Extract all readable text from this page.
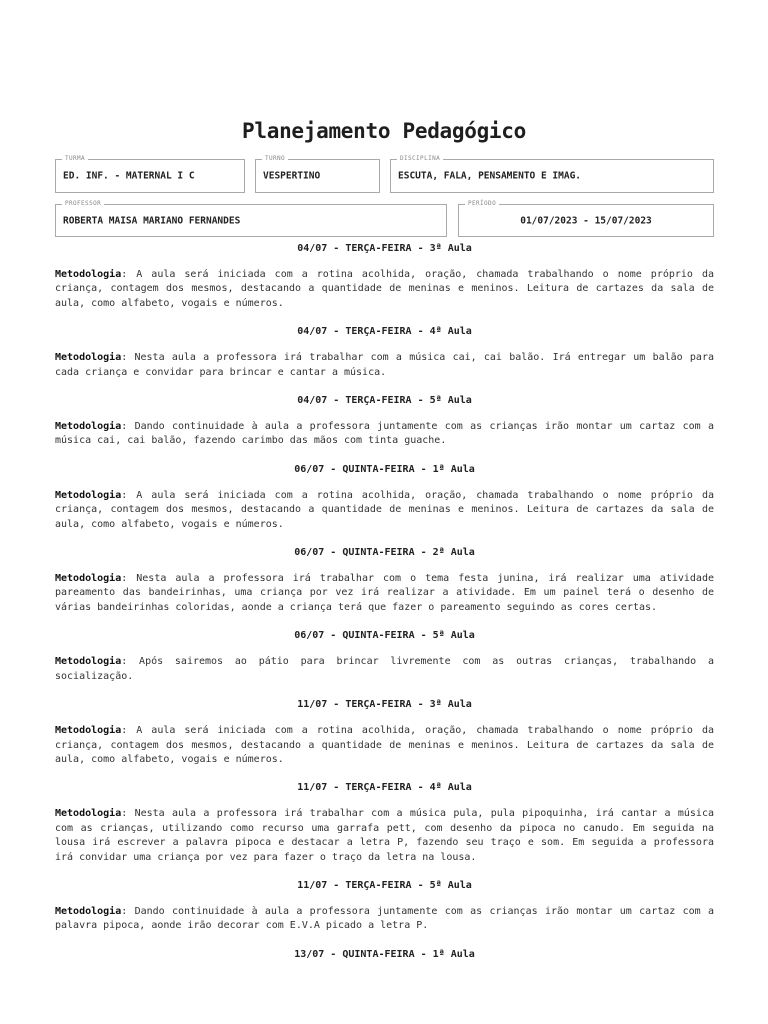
Planejamento Pedagógico
TURMA
ED. INF. - MATERNAL I C
TURNO
VESPERTINO
DISCIPLINA
ESCUTA, FALA, PENSAMENTO E IMAG.
PROFESSOR
ROBERTA MAISA MARIANO FERNANDES
PERÍODO
01/07/2023 - 15/07/2023
04/07 - TERÇA-FEIRA - 3ª Aula

Metodologia: A aula será iniciada com a rotina acolhida, oração, chamada trabalhando o nome próprio da criança, contagem dos mesmos, destacando a quantidade de meninas e meninos. Leitura de cartazes da sala de aula, como alfabeto, vogais e números.

04/07 - TERÇA-FEIRA - 4ª Aula

Metodologia: Nesta aula a professora irá trabalhar com a música cai, cai balão. Irá entregar um balão para cada criança e convidar para brincar e cantar a música.

04/07 - TERÇA-FEIRA - 5ª Aula

Metodologia: Dando continuidade à aula a professora juntamente com as crianças irão montar um cartaz com a música cai, cai balão, fazendo carimbo das mãos com tinta guache.

06/07 - QUINTA-FEIRA - 1ª Aula

Metodologia: A aula será iniciada com a rotina acolhida, oração, chamada trabalhando o nome próprio da criança, contagem dos mesmos, destacando a quantidade de meninas e meninos. Leitura de cartazes da sala de aula, como alfabeto, vogais e números.

06/07 - QUINTA-FEIRA - 2ª Aula

Metodologia: Nesta aula a professora irá trabalhar com o tema festa junina, irá realizar uma atividade pareamento das bandeirinhas, uma criança por vez irá realizar a atividade. Em um painel terá o desenho de várias bandeirinhas coloridas, aonde a criança terá que fazer o pareamento seguindo as cores certas.

06/07 - QUINTA-FEIRA - 5ª Aula

Metodologia: Após sairemos ao pátio para brincar livremente com as outras crianças, trabalhando a socialização.

11/07 - TERÇA-FEIRA - 3ª Aula

Metodologia: A aula será iniciada com a rotina acolhida, oração, chamada trabalhando o nome próprio da criança, contagem dos mesmos, destacando a quantidade de meninas e meninos. Leitura de cartazes da sala de aula, como alfabeto, vogais e números.

11/07 - TERÇA-FEIRA - 4ª Aula

Metodologia: Nesta aula a professora irá trabalhar com a música pula, pula pipoquinha, irá cantar a música com as crianças, utilizando como recurso uma garrafa pett, com desenho da pipoca no canudo. Em seguida na lousa irá escrever a palavra pipoca e destacar a letra P, fazendo seu traço e som. Em seguida a professora irá convidar uma criança por vez para fazer o traço da letra na lousa.

11/07 - TERÇA-FEIRA - 5ª Aula

Metodologia: Dando continuidade à aula a professora juntamente com as crianças irão montar um cartaz com a palavra pipoca, aonde irão decorar com E.V.A picado a letra P.

13/07 - QUINTA-FEIRA - 1ª Aula
